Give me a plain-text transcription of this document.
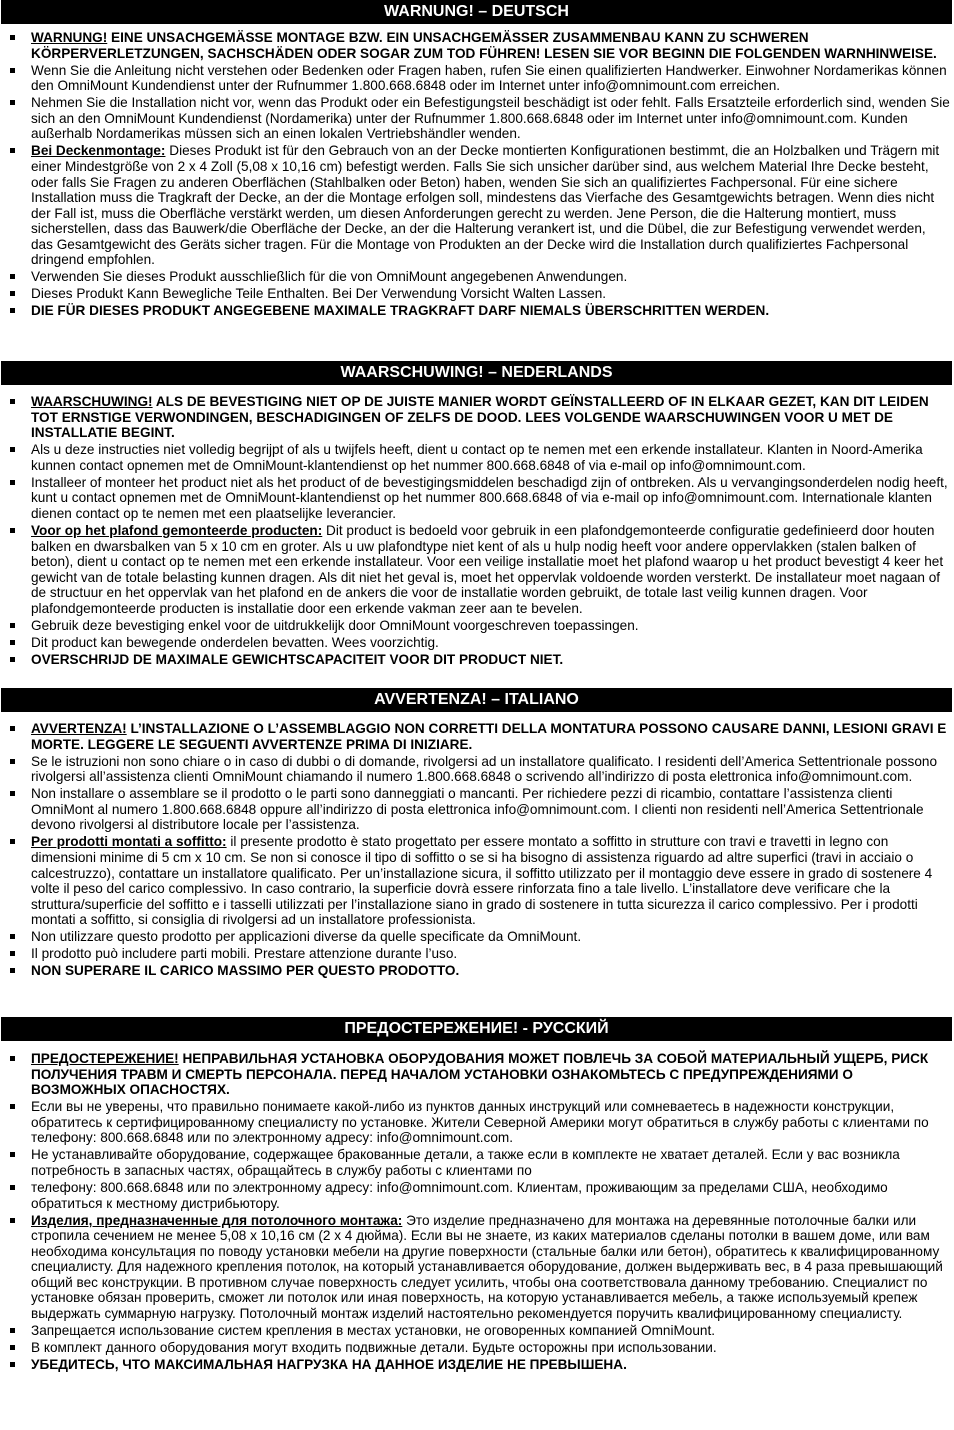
WARNUNG! – DEUTSCH
WARNUNG! EINE UNSACHGEMÄSSE MONTAGE BZW. EIN UNSACHGEMÄSSER ZUSAMMENBAU KANN ZU SCHWEREN KÖRPERVERLETZUNGEN, SACHSCHÄDEN ODER SOGAR ZUM TOD FÜHREN! LESEN SIE VOR BEGINN DIE FOLGENDEN WARNHINWEISE.
Wenn Sie die Anleitung nicht verstehen oder Bedenken oder Fragen haben, rufen Sie einen qualifizierten Handwerker. Einwohner Nordamerikas können den OmniMount Kundendienst unter der Rufnummer 1.800.668.6848 oder im Internet unter info@omnimount.com erreichen.
Nehmen Sie die Installation nicht vor, wenn das Produkt oder ein Befestigungsteil beschädigt ist oder fehlt. Falls Ersatzteile erforderlich sind, wenden Sie sich an den OmniMount Kundendienst (Nordamerika) unter der Rufnummer 1.800.668.6848 oder im Internet unter info@omnimount.com. Kunden außerhalb Nordamerikas müssen sich an einen lokalen Vertriebshändler wenden.
Bei Deckenmontage: Dieses Produkt ist für den Gebrauch von an der Decke montierten Konfigurationen bestimmt, die an Holzbalken und Trägern mit einer Mindestgröße von 2 x 4 Zoll (5,08 x 10,16 cm) befestigt werden. Falls Sie sich unsicher darüber sind, aus welchem Material Ihre Decke besteht, oder falls Sie Fragen zu anderen Oberflächen (Stahlbalken oder Beton) haben, wenden Sie sich an qualifiziertes Fachpersonal. Für eine sichere Installation muss die Tragkraft der Decke, an der die Montage erfolgen soll, mindestens das Vierfache des Gesamtgewichts betragen. Wenn dies nicht der Fall ist, muss die Oberfläche verstärkt werden, um diesen Anforderungen gerecht zu werden. Jene Person, die die Halterung montiert, muss sicherstellen, dass das Bauwerk/die Oberfläche der Decke, an der die Halterung verankert ist, und die Dübel, die zur Befestigung verwendet werden, das Gesamtgewicht des Geräts sicher tragen. Für die Montage von Produkten an der Decke wird die Installation durch qualifiziertes Fachpersonal dringend empfohlen.
Verwenden Sie dieses Produkt ausschließlich für die von OmniMount angegebenen Anwendungen.
Dieses Produkt Kann Bewegliche Teile Enthalten. Bei Der Verwendung Vorsicht Walten Lassen.
DIE FÜR DIESES PRODUKT ANGEGEBENE MAXIMALE TRAGKRAFT DARF NIEMALS ÜBERSCHRITTEN WERDEN.
WAARSCHUWING! – NEDERLANDS
WAARSCHUWING! ALS DE BEVESTIGING NIET OP DE JUISTE MANIER WORDT GEÏNSTALLEERD OF IN ELKAAR GEZET, KAN DIT LEIDEN TOT ERNSTIGE VERWONDINGEN, BESCHADIGINGEN OF ZELFS DE DOOD. LEES VOLGENDE WAARSCHUWINGEN VOOR U MET DE INSTALLATIE BEGINT.
Als u deze instructies niet volledig begrijpt of als u twijfels heeft, dient u contact op te nemen met een erkende installateur. Klanten in Noord-Amerika kunnen contact opnemen met de OmniMount-klantendienst op het nummer 800.668.6848 of via e-mail op info@omnimount.com.
Installeer of monteer het product niet als het product of de bevestigingsmiddelen beschadigd zijn of ontbreken. Als u vervangingsonderdelen nodig heeft, kunt u contact opnemen met de OmniMount-klantendienst op het nummer 800.668.6848 of via e-mail op info@omnimount.com. Internationale klanten dienen contact op te nemen met een plaatselijke leverancier.
Voor op het plafond gemonteerde producten: Dit product is bedoeld voor gebruik in een plafondgemonteerde configuratie gedefinieerd door houten balken en dwarsbalken van 5 x 10 cm en groter. Als u uw plafondtype niet kent of als u hulp nodig heeft voor andere oppervlakken (stalen balken of beton), dient u contact op te nemen met een erkende installateur. Voor een veilige installatie moet het plafond waarop u het product bevestigt 4 keer het gewicht van de totale belasting kunnen dragen. Als dit niet het geval is, moet het oppervlak voldoende worden versterkt. De installateur moet nagaan of de structuur en het oppervlak van het plafond en de ankers die voor de installatie worden gebruikt, de totale last veilig kunnen dragen. Voor plafondgemonteerde producten is installatie door een erkende vakman zeer aan te bevelen.
Gebruik deze bevestiging enkel voor de uitdrukkelijk door OmniMount voorgeschreven toepassingen.
Dit product kan bewegende onderdelen bevatten. Wees voorzichtig.
OVERSCHRIJD DE MAXIMALE GEWICHTSCAPACITEIT VOOR DIT PRODUCT NIET.
AVVERTENZA! – ITALIANO
AVVERTENZA! L’INSTALLAZIONE O L’ASSEMBLAGGIO NON CORRETTI DELLA MONTATURA POSSONO CAUSARE DANNI, LESIONI GRAVI E MORTE. LEGGERE LE SEGUENTI AVVERTENZE PRIMA DI INIZIARE.
Se le istruzioni non sono chiare o in caso di dubbi o di domande, rivolgersi ad un installatore qualificato. I residenti dell’America Settentrionale possono rivolgersi all’assistenza clienti OmniMount chiamando il numero 1.800.668.6848 o scrivendo all’indirizzo di posta elettronica info@omnimount.com.
Non installare o assemblare se il prodotto o le parti sono danneggiati o mancanti. Per richiedere pezzi di ricambio, contattare l’assistenza clienti OmniMont al numero 1.800.668.6848 oppure all’indirizzo di posta elettronica info@omnimount.com. I clienti non residenti nell’America Settentrionale devono rivolgersi al distributore locale per l’assistenza.
Per prodotti montati a soffitto: il presente prodotto è stato progettato per essere montato a soffitto in strutture con travi e travetti in legno con dimensioni minime di 5 cm x 10 cm. Se non si conosce il tipo di soffitto o se si ha bisogno di assistenza riguardo ad altre superfici (travi in acciaio o calcestruzzo), contattare un installatore qualificato. Per un’installazione sicura, il soffitto utilizzato per il montaggio deve essere in grado di sostenere 4 volte il peso del carico complessivo. In caso contrario, la superficie dovrà essere rinforzata fino a tale livello. L’installatore deve verificare che la struttura/superficie del soffitto e i tasselli utilizzati per l’installazione siano in grado di sostenere in tutta sicurezza il carico complessivo. Per i prodotti montati a soffitto, si consiglia di rivolgersi ad un installatore professionista.
Non utilizzare questo prodotto per applicazioni diverse da quelle specificate da OmniMount.
Il prodotto può includere parti mobili. Prestare attenzione durante l’uso.
NON SUPERARE IL CARICO MASSIMO PER QUESTO PRODOTTO.
ПРЕДОСТЕРЕЖЕНИЕ! - РУССКИЙ
ПРЕДОСТЕРЕЖЕНИЕ! НЕПРАВИЛЬНАЯ УСТАНОВКА ОБОРУДОВАНИЯ МОЖЕТ ПОВЛЕЧЬ ЗА СОБОЙ МАТЕРИАЛЬНЫЙ УЩЕРБ, РИСК ПОЛУЧЕНИЯ ТРАВМ И СМЕРТЬ ПЕРСОНАЛА. ПЕРЕД НАЧАЛОМ УСТАНОВКИ ОЗНАКОМЬТЕСЬ С ПРЕДУПРЕЖДЕНИЯМИ О ВОЗМОЖНЫХ ОПАСНОСТЯХ.
Если вы не уверены, что правильно понимаете какой-либо из пунктов данных инструкций или сомневаетесь в надежности конструкции, обратитесь к сертифицированному специалисту по установке. Жители Северной Америки могут обратиться в службу работы с клиентами по телефону: 800.668.6848 или по электронному адресу: info@omnimount.com.
Не устанавливайте оборудование, содержащее бракованные детали, а также если в комплекте не хватает деталей. Если у вас возникла потребность в запасных частях, обращайтесь в службу работы с клиентами по
телефону: 800.668.6848 или по электронному адресу: info@omnimount.com. Клиентам, проживающим за пределами США, необходимо обратиться к местному дистрибьютору.
Изделия, предназначенные для потолочного монтажа: Это изделие предназначено для монтажа на деревянные потолочные балки или стропила сечением не менее 5,08 x 10,16 см (2 x 4 дюйма). Если вы не знаете, из каких материалов сделаны потолки в вашем доме, или вам необходима консультация по поводу установки мебели на другие поверхности (стальные балки или бетон), обратитесь к квалифицированному специалисту. Для надежного крепления потолок, на который устанавливается оборудование, должен выдерживать вес, в 4 раза превышающий общий вес конструкции. В противном случае поверхность следует усилить, чтобы она соответствовала данному требованию. Специалист по установке обязан проверить, сможет ли потолок или иная поверхность, на которую устанавливается мебель, а также используемый крепеж выдержать суммарную нагрузку. Потолочный монтаж изделий настоятельно рекомендуется поручить квалифицированному специалисту.
Запрещается использование систем крепления в местах установки, не оговоренных компанией OmniMount.
В комплект данного оборудования могут входить подвижные детали. Будьте осторожны при использовании.
УБЕДИТЕСЬ, ЧТО МАКСИМАЛЬНАЯ НАГРУЗКА НА ДАННОЕ ИЗДЕЛИЕ НЕ ПРЕВЫШЕНА.
